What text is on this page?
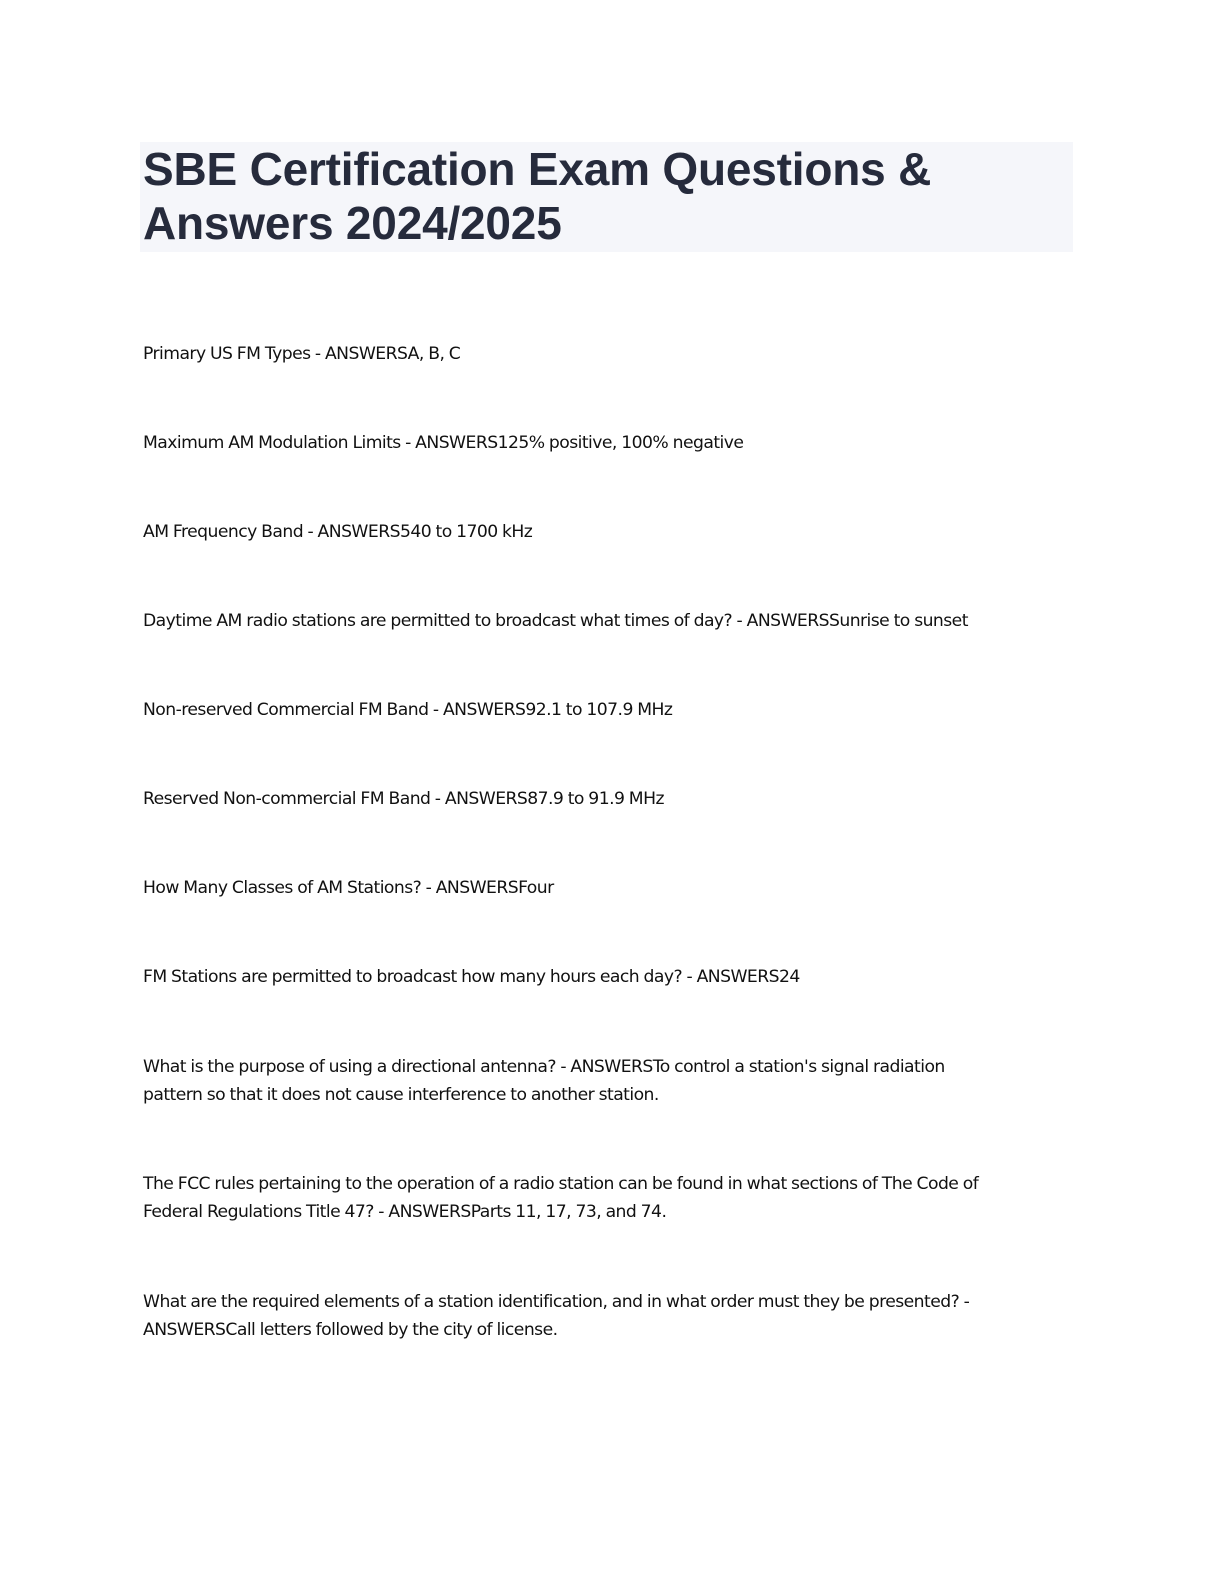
SBE Certification Exam Questions &
Answers 2024/2025

Primary US FM Types - ANSWERSA, B, C

Maximum AM Modulation Limits - ANSWERS125% positive, 100% negative

AM Frequency Band - ANSWERS540 to 1700 kHz

Daytime AM radio stations are permitted to broadcast what times of day? - ANSWERSSunrise to sunset

Non-reserved Commercial FM Band - ANSWERS92.1 to 107.9 MHz

Reserved Non-commercial FM Band - ANSWERS87.9 to 91.9 MHz

How Many Classes of AM Stations? - ANSWERSFour

FM Stations are permitted to broadcast how many hours each day? - ANSWERS24

What is the purpose of using a directional antenna? - ANSWERSTo control a station's signal radiation
pattern so that it does not cause interference to another station.

The FCC rules pertaining to the operation of a radio station can be found in what sections of The Code of
Federal Regulations Title 47? - ANSWERSParts 11, 17, 73, and 74.

What are the required elements of a station identification, and in what order must they be presented? -
ANSWERSCall letters followed by the city of license.
